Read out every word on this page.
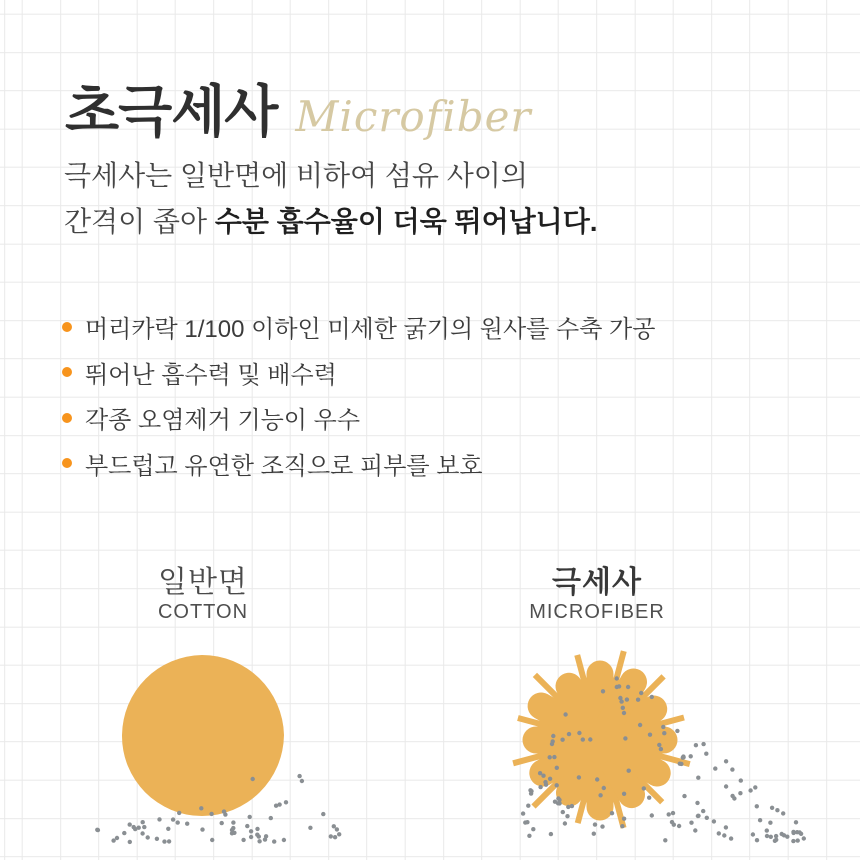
초극세사 Microfiber

극세사는 일반면에 비하여 섬유 사이의
간격이 좁아 수분 흡수율이 더욱 뛰어납니다.

머리카락 1/100 이하인 미세한 굵기의 원사를 수축 가공
뛰어난 흡수력 및 배수력
각종 오염제거 기능이 우수
부드럽고 유연한 조직으로 피부를 보호
일반면
COTTON
극세사
MICROFIBER
